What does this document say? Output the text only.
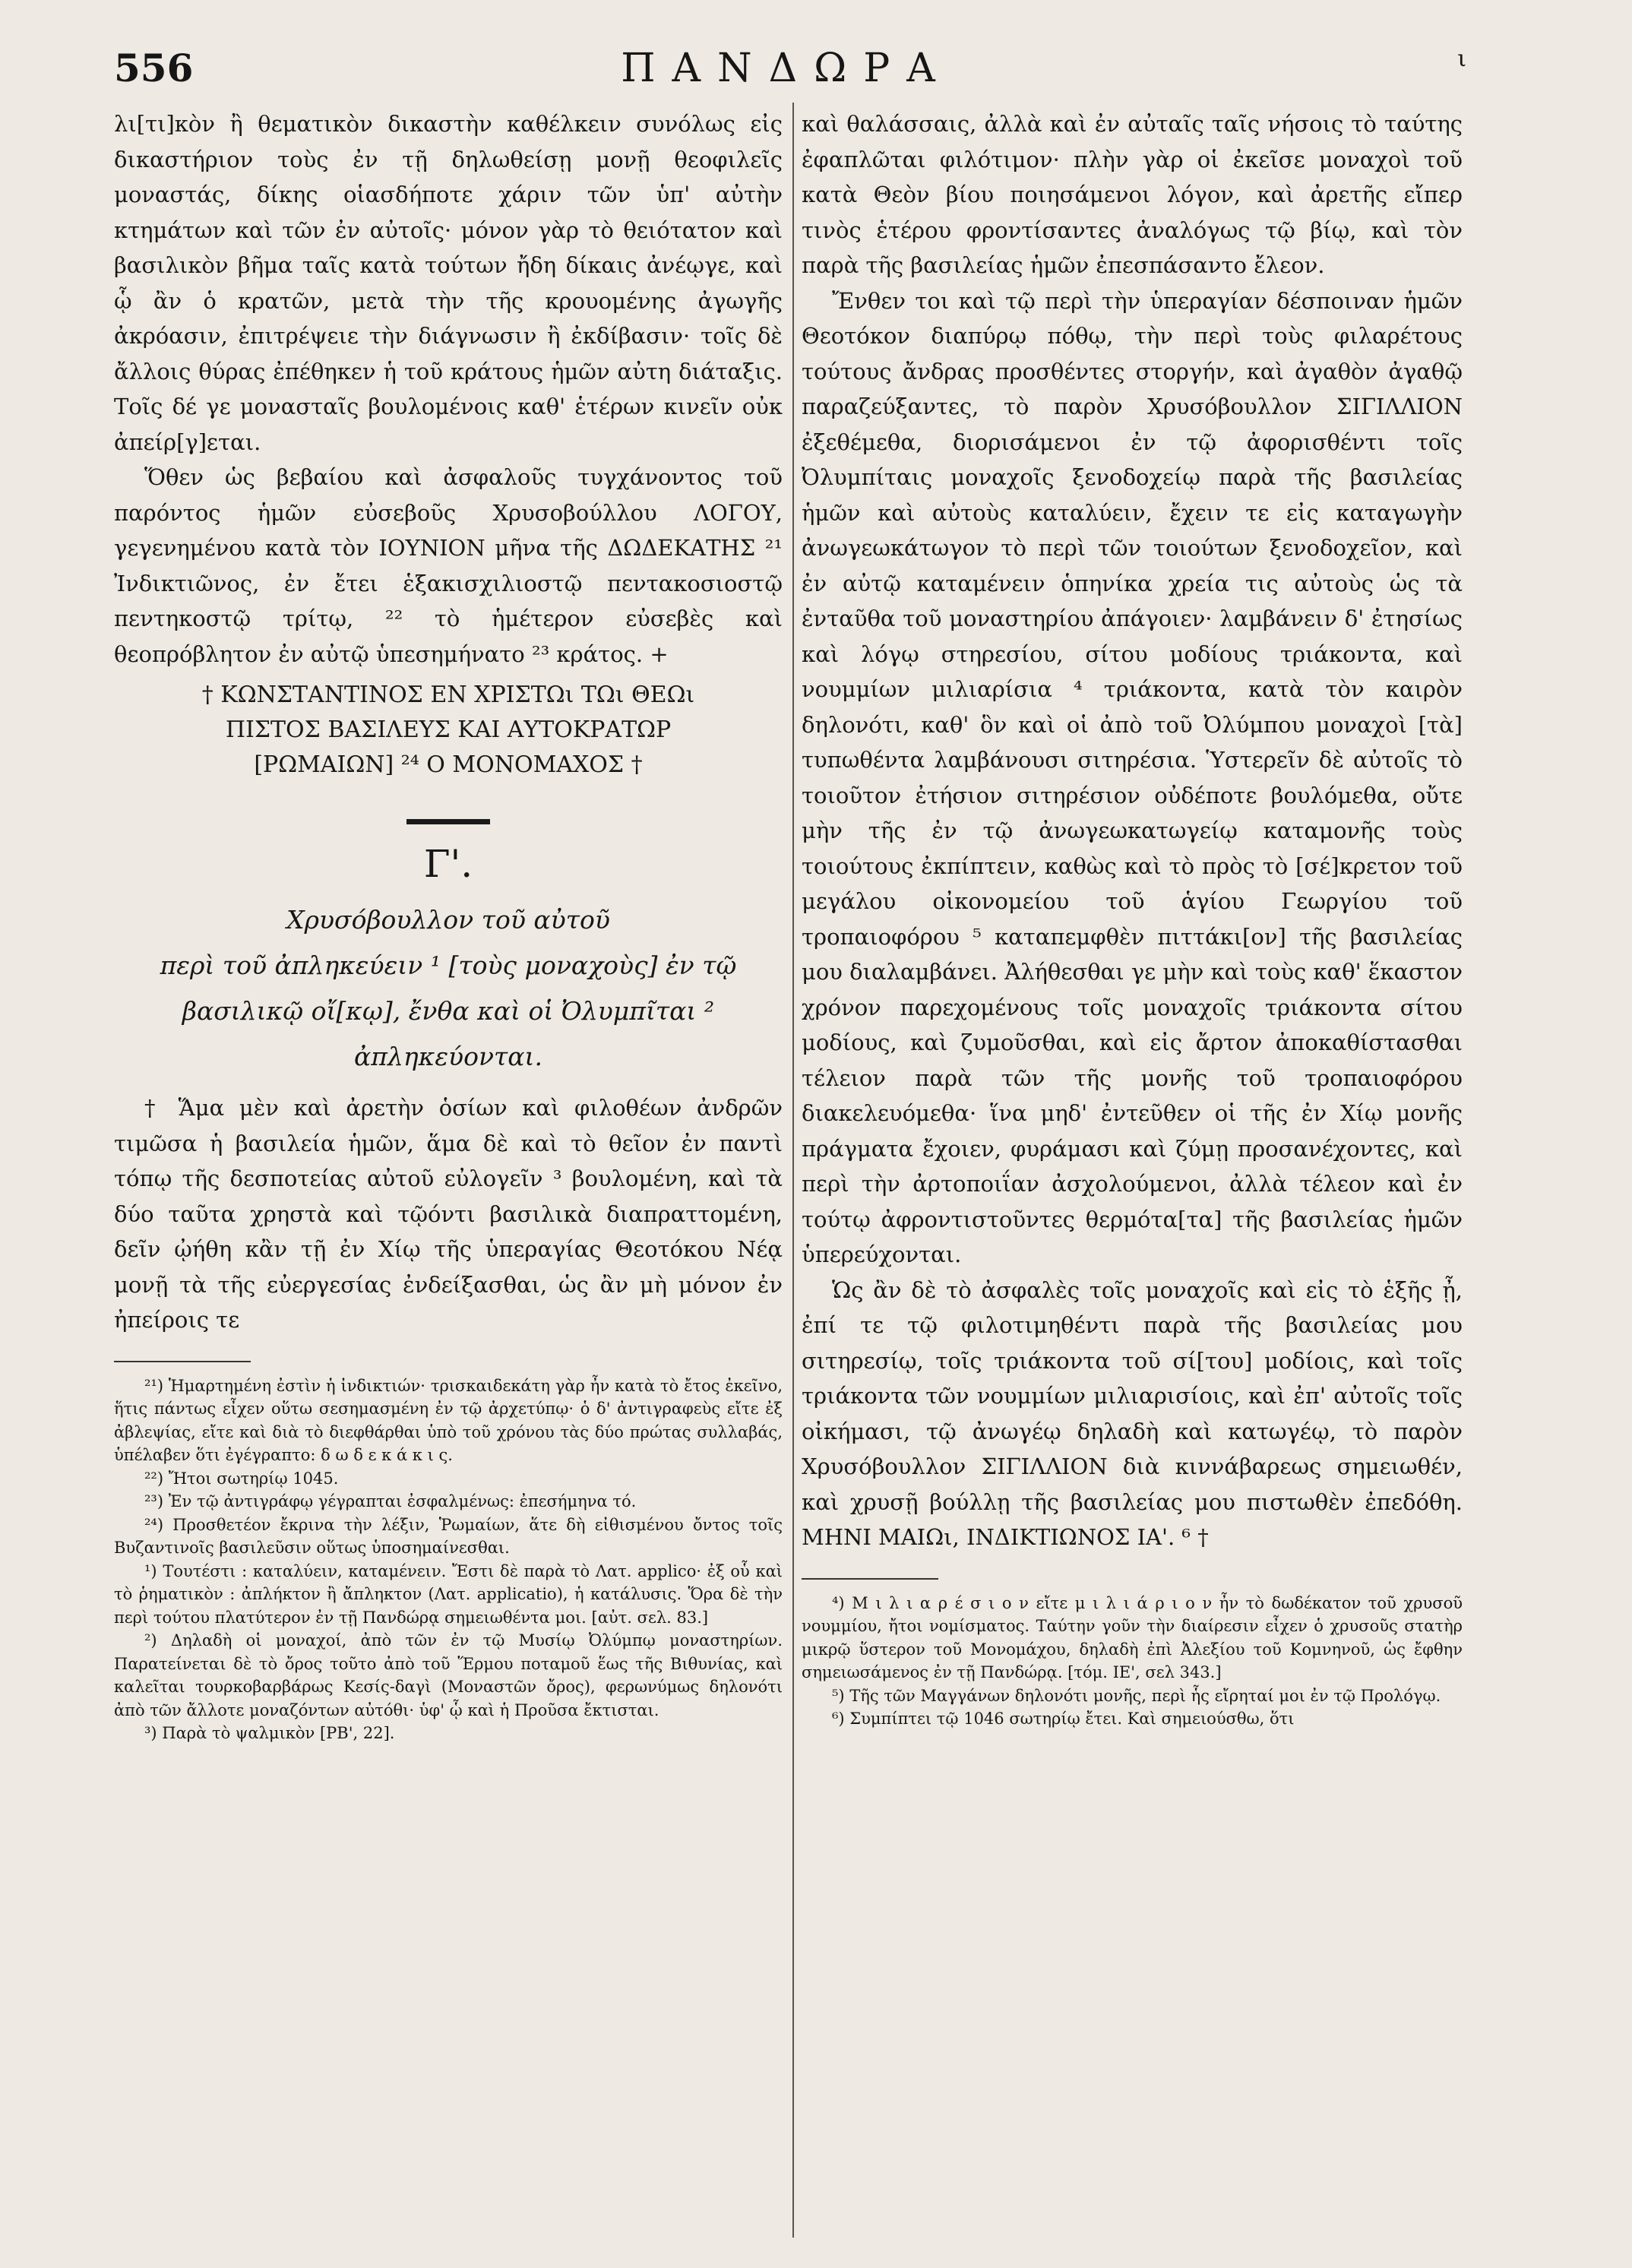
556	ΠΑΝΔΩΡΑ	ι

λι[τι]κὸν ἢ θεματικὸν δικαστὴν καθέλκειν συνόλως εἰς δικαστήριον τοὺς ἐν τῇ δηλωθείσῃ μονῇ θεοφιλεῖς μοναστάς, δίκης οἱασδήποτε χάριν τῶν ὑπ' αὐτὴν κτημάτων καὶ τῶν ἐν αὐτοῖς· μόνον γὰρ τὸ θειότατον καὶ βασιλικὸν βῆμα ταῖς κατὰ τούτων ἤδη δίκαις ἀνέῳγε, καὶ ᾧ ἂν ὁ κρατῶν, μετὰ τὴν τῆς κρουομένης ἀγωγῆς ἀκρόασιν, ἐπιτρέψειε τὴν διάγνωσιν ἢ ἐκδίβασιν· τοῖς δὲ ἄλλοις θύρας ἐπέθηκεν ἡ τοῦ κράτους ἡμῶν αὐτη διάταξις. Τοῖς δέ γε μονασταῖς βουλομένοις καθ' ἑτέρων κινεῖν οὐκ ἀπείρ[γ]εται.

Ὅθεν ὡς βεβαίου καὶ ἀσφαλοῦς τυγχάνοντος τοῦ παρόντος ἡμῶν εὐσεβοῦς Χρυσοβούλλου ΛΟΓΟΥ, γεγενημένου κατὰ τὸν ΙΟΥΝΙΟΝ μῆνα τῆς ΔΩΔΕΚΑΤΗΣ ²¹ Ἰνδικτιῶνος, ἐν ἔτει ἑξακισχιλιοστῷ πεντακοσιοστῷ πεντηκοστῷ τρίτῳ, ²² τὸ ἡμέτερον εὐσεβὲς καὶ θεοπρόβλητον ἐν αὐτῷ ὑπεσημήνατο ²³ κράτος. +

† ΚΩΝΣΤΑΝΤΙΝΟΣ ΕΝ ΧΡΙΣΤΩι ΤΩι ΘΕΩι

ΠΙΣΤΟΣ ΒΑΣΙΛΕΥΣ ΚΑΙ ΑΥΤΟΚΡΑΤΩΡ

[ΡΩΜΑΙΩΝ] ²⁴ Ο ΜΟΝΟΜΑΧΟΣ †

Γ'.
Χρυσόβουλλον τοῦ αὐτοῦ
περὶ τοῦ ἀπληκεύειν ¹ [τοὺς μοναχοὺς] ἐν τῷ
βασιλικῷ οἴ[κῳ], ἔνθα καὶ οἱ Ὀλυμπῖται ²
ἀπληκεύονται.

† Ἅμα μὲν καὶ ἀρετὴν ὁσίων καὶ φιλοθέων ἀνδρῶν τιμῶσα ἡ βασιλεία ἡμῶν, ἅμα δὲ καὶ τὸ θεῖον ἐν παντὶ τόπῳ τῆς δεσποτείας αὐτοῦ εὐλογεῖν ³ βουλομένη, καὶ τὰ δύο ταῦτα χρηστὰ καὶ τῷόντι βασιλικὰ διαπραττομένη, δεῖν ᾠήθη κἂν τῇ ἐν Χίῳ τῆς ὑπεραγίας Θεοτόκου Νέᾳ μονῇ τὰ τῆς εὐεργεσίας ἐνδείξασθαι, ὡς ἂν μὴ μόνον ἐν ἠπείροις τε

²¹) Ἡμαρτημένη ἐστὶν ἡ ἰνδικτιών· τρισκαιδεκάτη γὰρ ἦν κατὰ τὸ ἔτος ἐκεῖνο, ἥτις πάντως εἶχεν οὕτω σεσημασμένη ἐν τῷ ἀρχετύπῳ· ὁ δ' ἀντιγραφεὺς εἴτε ἐξ ἀβλεψίας, εἴτε καὶ διὰ τὸ διεφθάρθαι ὑπὸ τοῦ χρόνου τὰς δύο πρώτας συλλαβάς, ὑπέλαβεν ὅτι ἐγέγραπτο: δ ω δ ε κ ά κ ι ς.

²²) Ἤτοι σωτηρίῳ 1045.

²³) Ἐν τῷ ἀντιγράφῳ γέγραπται ἐσφαλμένως: ἐπεσήμηνα τό.

²⁴) Προσθετέον ἔκρινα τὴν λέξιν, Ῥωμαίων, ἅτε δὴ εἰθισμένου ὄντος τοῖς Βυζαντινοῖς βασιλεῦσιν οὕτως ὑποσημαίνεσθαι.

¹) Τουτέστι : καταλύειν, καταμένειν. Ἔστι δὲ παρὰ τὸ Λατ. applico· ἐξ οὗ καὶ τὸ ῥηματικὸν : ἀπλήκτον ἢ ἄπληκτον (Λατ. applicatio), ἡ κατάλυσις. Ὅρα δὲ τὴν περὶ τούτου πλατύτερον ἐν τῇ Πανδώρᾳ σημειωθέντα μοι. [αὐτ. σελ. 83.]

²) Δηλαδὴ οἱ μοναχοί, ἀπὸ τῶν ἐν τῷ Μυσίῳ Ὀλύμπῳ μοναστηρίων. Παρατείνεται δὲ τὸ ὄρος τοῦτο ἀπὸ τοῦ Ἕρμου ποταμοῦ ἕως τῆς Βιθυνίας, καὶ καλεῖται τουρκοβαρβάρως Κεσίς-δαγὶ (Μοναστῶν ὄρος), φερωνύμως δηλονότι ἀπὸ τῶν ἄλλοτε μοναζόντων αὐτόθι· ὑφ' ᾧ καὶ ἡ Προῦσα ἔκτισται.

³) Παρὰ τὸ ψαλμικὸν [ΡΒ', 22].

καὶ θαλάσσαις, ἀλλὰ καὶ ἐν αὐταῖς ταῖς νήσοις τὸ ταύτης ἐφαπλῶται φιλότιμον· πλὴν γὰρ οἱ ἐκεῖσε μοναχοὶ τοῦ κατὰ Θεὸν βίου ποιησάμενοι λόγον, καὶ ἀρετῆς εἴπερ τινὸς ἑτέρου φροντίσαντες ἀναλόγως τῷ βίῳ, καὶ τὸν παρὰ τῆς βασιλείας ἡμῶν ἐπεσπάσαντο ἔλεον.

Ἔνθεν τοι καὶ τῷ περὶ τὴν ὑπεραγίαν δέσποιναν ἡμῶν Θεοτόκον διαπύρῳ πόθῳ, τὴν περὶ τοὺς φιλαρέτους τούτους ἄνδρας προσθέντες στοργήν, καὶ ἀγαθὸν ἀγαθῷ παραζεύξαντες, τὸ παρὸν Χρυσόβουλλον ΣΙΓΙΛΛΙΟΝ ἐξεθέμεθα, διορισάμενοι ἐν τῷ ἀφορισθέντι τοῖς Ὀλυμπίταις μοναχοῖς ξενοδοχείῳ παρὰ τῆς βασιλείας ἡμῶν καὶ αὐτοὺς καταλύειν, ἔχειν τε εἰς καταγωγὴν ἀνωγεωκάτωγον τὸ περὶ τῶν τοιούτων ξενοδοχεῖον, καὶ ἐν αὐτῷ καταμένειν ὁπηνίκα χρεία τις αὐτοὺς ὡς τὰ ἐνταῦθα τοῦ μοναστηρίου ἀπάγοιεν· λαμβάνειν δ' ἐτησίως καὶ λόγῳ στηρεσίου, σίτου μοδίους τριάκοντα, καὶ νουμμίων μιλιαρίσια ⁴ τριάκοντα, κατὰ τὸν καιρὸν δηλονότι, καθ' ὃν καὶ οἱ ἀπὸ τοῦ Ὀλύμπου μοναχοὶ [τὰ] τυπωθέντα λαμβάνουσι σιτηρέσια. Ὑστερεῖν δὲ αὐτοῖς τὸ τοιοῦτον ἐτήσιον σιτηρέσιον οὐδέποτε βουλόμεθα, οὔτε μὴν τῆς ἐν τῷ ἀνωγεωκατωγείῳ καταμονῆς τοὺς τοιούτους ἐκπίπτειν, καθὼς καὶ τὸ πρὸς τὸ [σέ]κρετον τοῦ μεγάλου οἰκονομείου τοῦ ἁγίου Γεωργίου τοῦ τροπαιοφόρου ⁵ καταπεμφθὲν πιττάκι[ον] τῆς βασιλείας μου διαλαμβάνει. Ἀλήθεσθαι γε μὴν καὶ τοὺς καθ' ἕκαστον χρόνον παρεχομένους τοῖς μοναχοῖς τριάκοντα σίτου μοδίους, καὶ ζυμοῦσθαι, καὶ εἰς ἄρτον ἀποκαθίστασθαι τέλειον παρὰ τῶν τῆς μονῆς τοῦ τροπαιοφόρου διακελευόμεθα· ἵνα μηδ' ἐντεῦθεν οἱ τῆς ἐν Χίῳ μονῆς πράγματα ἔχοιεν, φυράμασι καὶ ζύμῃ προσανέχοντες, καὶ περὶ τὴν ἀρτοποιΐαν ἀσχολούμενοι, ἀλλὰ τέλεον καὶ ἐν τούτῳ ἀφροντιστοῦντες θερμότα[τα] τῆς βασιλείας ἡμῶν ὑπερεύχονται.

Ὡς ἂν δὲ τὸ ἀσφαλὲς τοῖς μοναχοῖς καὶ εἰς τὸ ἑξῆς ᾖ, ἐπί τε τῷ φιλοτιμηθέντι παρὰ τῆς βασιλείας μου σιτηρεσίῳ, τοῖς τριάκοντα τοῦ σί[του] μοδίοις, καὶ τοῖς τριάκοντα τῶν νουμμίων μιλιαρισίοις, καὶ ἐπ' αὐτοῖς τοῖς οἰκήμασι, τῷ ἀνωγέῳ δηλαδὴ καὶ κατωγέῳ, τὸ παρὸν Χρυσόβουλλον ΣΙΓΙΛΛΙΟΝ διὰ κιννάβαρεως σημειωθέν, καὶ χρυσῇ βούλλῃ τῆς βασιλείας μου πιστωθὲν ἐπεδόθη. ΜΗΝΙ ΜΑΙΩι, ΙΝΔΙΚΤΙΩΝΟΣ ΙΑ'. ⁶ †

⁴) Μ ι λ ι α ρ έ σ ι ο ν εἴτε μ ι λ ι ά ρ ι ο ν ἦν τὸ δωδέκατον τοῦ χρυσοῦ νουμμίου, ἤτοι νομίσματος. Ταύτην γοῦν τὴν διαίρεσιν εἶχεν ὁ χρυσοῦς στατὴρ μικρῷ ὕστερον τοῦ Μονομάχου, δηλαδὴ ἐπὶ Ἀλεξίου τοῦ Κομνηνοῦ, ὡς ἔφθην σημειωσάμενος ἐν τῇ Πανδώρᾳ. [τόμ. ΙΕ', σελ 343.]

⁵) Τῆς τῶν Μαγγάνων δηλονότι μονῆς, περὶ ἧς εἴρηταί μοι ἐν τῷ Προλόγῳ.

⁶) Συμπίπτει τῷ 1046 σωτηρίῳ ἔτει. Καὶ σημειούσθω, ὅτι
